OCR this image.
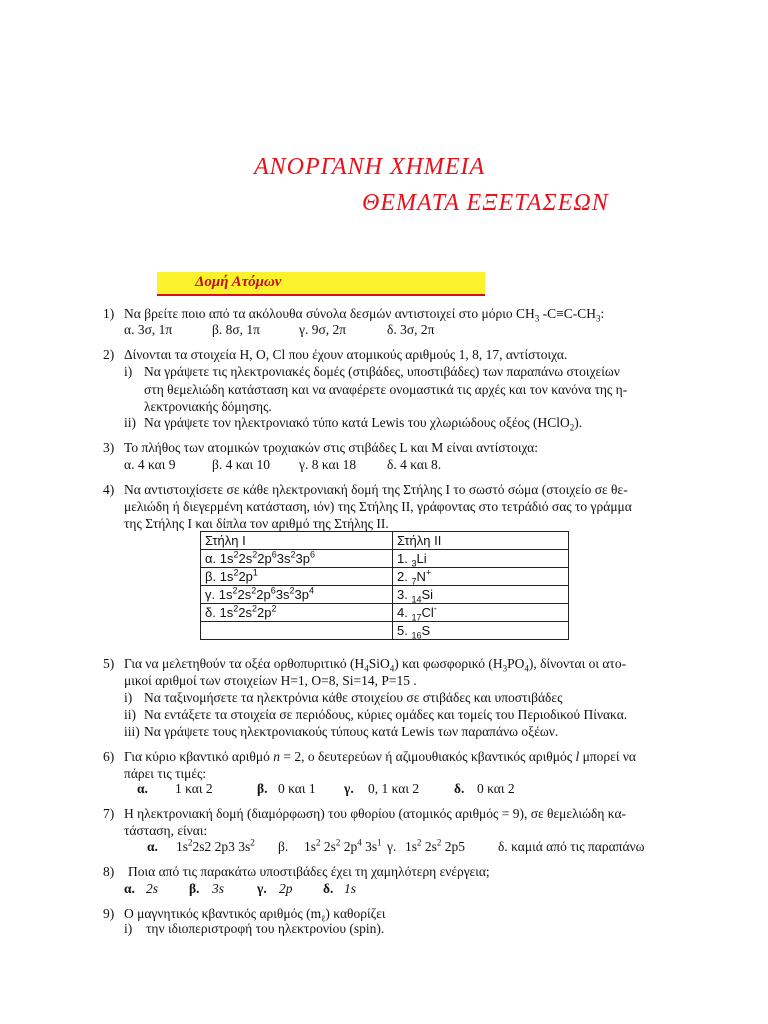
ΑΝΟΡΓΑΝΗ ΧΗΜΕΙΑ
ΘΕΜΑΤΑ ΕΞΕΤΑΣΕΩΝ
Δομή Ατόμων
1) Να βρείτε ποιο από τα ακόλουθα σύνολα δεσμών αντιστοιχεί στο μόριο $CH_3$ $-C\equiv C-CH_3$:
α. 3σ, 1π	β. 8σ, 1π	γ. 9σ, 2π	δ. 3σ, 2π
2) Δίνονται τα στοιχεία H, O, Cl που έχουν ατομικούς αριθμούς 1, 8, 17, αντίστοιχα.
i) Να γράψετε τις ηλεκτρονιακές δομές (στιβάδες, υποστιβάδες) των παραπάνω στοιχείων
στη θεμελιώδη κατάσταση και να αναφέρετε ονομαστικά τις αρχές και τον κανόνα της η-
λεκτρονιακής δόμησης.
ii) Να γράψετε τον ηλεκτρονιακό τύπο κατά Lewis του χλωριώδους οξέος (HClO$_2$).
3) Το πλήθος των ατομικών τροχιακών στις στιβάδες L και M είναι αντίστοιχα:
α. 4 και 9	β. 4 και 10 γ. 8 και 18 δ. 4 και 8.
4) Να αντιστοιχίσετε σε κάθε ηλεκτρονιακή δομή της Στήλης Ι το σωστό σώμα (στοιχείο σε θε-
μελιώδη ή διεγερμένη κατάσταση, ιόν) της Στήλης ΙΙ, γράφοντας στο τετράδιό σας το γράμμα
της Στήλης Ι και δίπλα τον αριθμό της Στήλης ΙΙ.
Στήλη Ι	Στήλη ΙΙ
α. $1s^22s^22p^63s^23p^6$	1. $_3$Li
β. $1s^22p^1$	2. $_7$N+
γ. $1s^22s^22p^63s^23p^4$	3. $_{14}$Si
δ. $1s^22s^22p^2$	4. $_{17}$Cl-
	5. $_{16}$S
5) Για να μελετηθούν τα οξέα ορθοπυριτικό $(H_4SiO_4)$ και φωσφορικό $(H_3PO_4)$, δίνονται οι ατο-
μικοί αριθμοί των στοιχείων H=1, O=8, Si=14, P=15 .
i) Να ταξινομήσετε τα ηλεκτρόνια κάθε στοιχείου σε στιβάδες και υποστιβάδες
ii) Να εντάξετε τα στοιχεία σε περιόδους, κύριες ομάδες και τομείς του Περιοδικού Πίνακα.
iii) Να γράψετε τους ηλεκτρονιακούς τύπους κατά Lewis των παραπάνω οξέων.
6) Για κύριο κβαντικό αριθμό n = 2, ο δευτερεύων ή αζιμουθιακός κβαντικός αριθμός l μπορεί να
πάρει τις τιμές:
α. 1 και 2	β. 0 και 1 γ. 0, 1 και 2	δ. 0 και 2
7) Η ηλεκτρονιακή δομή (διαμόρφωση) του φθορίου (ατομικός αριθμός = 9), σε θεμελιώδη κα-
τάσταση, είναι:
α. $1s^22s2$ 2p3 $3s^2$ β. $1s^2$ $2s^2$ $2p^4$ $3s^1$ γ. $1s^2$ $2s^2$ 2p5 δ. καμιά από τις παραπάνω
8) Ποια από τις παρακάτω υποστιβάδες έχει τη χαμηλότερη ενέργεια;
α. 2s β. 3s γ. 2p δ. 1s
9) Ο μαγνητικός κβαντικός αριθμός $(m_\ell)$ καθορίζει
i) την ιδιοπεριστροφή του ηλεκτρονίου (spin).
